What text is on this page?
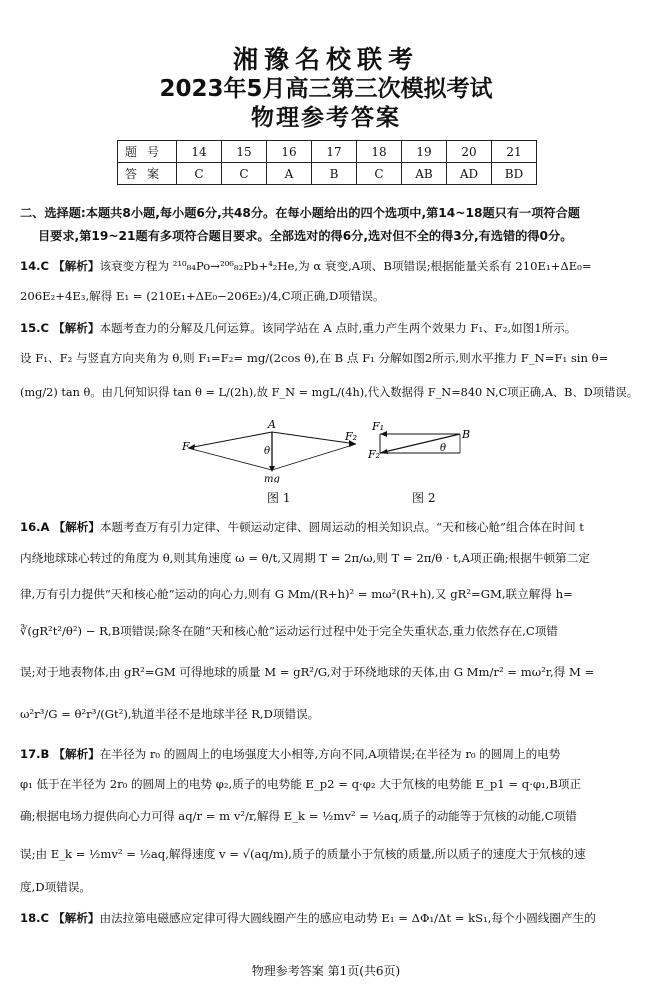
湘豫名校联考
2023年5月高三第三次模拟考试
物理参考答案
题号	14	15	16	17	18	19	20	21
答案	C	C	A	B	C	AB	AD	BD
二、选择题:本题共8小题,每小题6分,共48分。在每小题给出的四个选项中,第14~18题只有一项符合题
目要求,第19~21题有多项符合题目要求。全部选对的得6分,选对但不全的得3分,有选错的得0分。
14.C 【解析】该衰变方程为 ²¹⁰₈₄Po→²⁰⁶₈₂Pb+⁴₂He,为 α 衰变,A项、B项错误;根据能量关系有 210E₁+ΔE₀=
206E₂+4E₃,解得 E₁ = (210E₁+ΔE₀−206E₂)/4,C项正确,D项错误。
15.C 【解析】本题考查力的分解及几何运算。该同学站在 A 点时,重力产生两个效果力 F₁、F₂,如图1所示。
设 F₁、F₂ 与竖直方向夹角为 θ,则 F₁=F₂= mg/(2cos θ),在 B 点 F₁ 分解如图2所示,则水平推力 F_N=F₁ sin θ=
(mg/2) tan θ。由几何知识得 tan θ = L/(2h),故 F_N = mgL/(4h),代入数据得 F_N=840 N,C项正确,A、B、D项错误。
F
A
θ
F₂
mg
F₁
B
θ
F₂
图 1	图 2
16.A 【解析】本题考查万有引力定律、牛顿运动定律、圆周运动的相关知识点。“天和核心舱”组合体在时间 t
内绕地球球心转过的角度为 θ,则其角速度 ω = θ/t,又周期 T = 2π/ω,则 T = 2π/θ · t,A项正确;根据牛顿第二定
律,万有引力提供“天和核心舱”运动的向心力,则有 G Mm/(R+h)² = mω²(R+h),又 gR²=GM,联立解得 h=
∛(gR²t²/θ²) − R,B项错误;除冬在随“天和核心舱”运动运行过程中处于完全失重状态,重力依然存在,C项错
误;对于地表物体,由 gR²=GM 可得地球的质量 M = gR²/G,对于环绕地球的天体,由 G Mm/r² = mω²r,得 M =
ω²r³/G = θ²r³/(Gt²),轨道半径不是地球半径 R,D项错误。
17.B 【解析】在半径为 r₀ 的圆周上的电场强度大小相等,方向不同,A项错误;在半径为 r₀ 的圆周上的电势
φ₁ 低于在半径为 2r₀ 的圆周上的电势 φ₂,质子的电势能 E_p2 = q·φ₂ 大于氘核的电势能 E_p1 = q·φ₁,B项正
确;根据电场力提供向心力可得 aq/r = m v²/r,解得 E_k = ½mv² = ½aq,质子的动能等于氘核的动能,C项错
误;由 E_k = ½mv² = ½aq,解得速度 v = √(aq/m),质子的质量小于氘核的质量,所以质子的速度大于氘核的速
度,D项错误。
18.C 【解析】由法拉第电磁感应定律可得大圆线圈产生的感应电动势 E₁ = ΔΦ₁/Δt = kS₁,每个小圆线圈产生的
物理参考答案 第1页(共6页)
